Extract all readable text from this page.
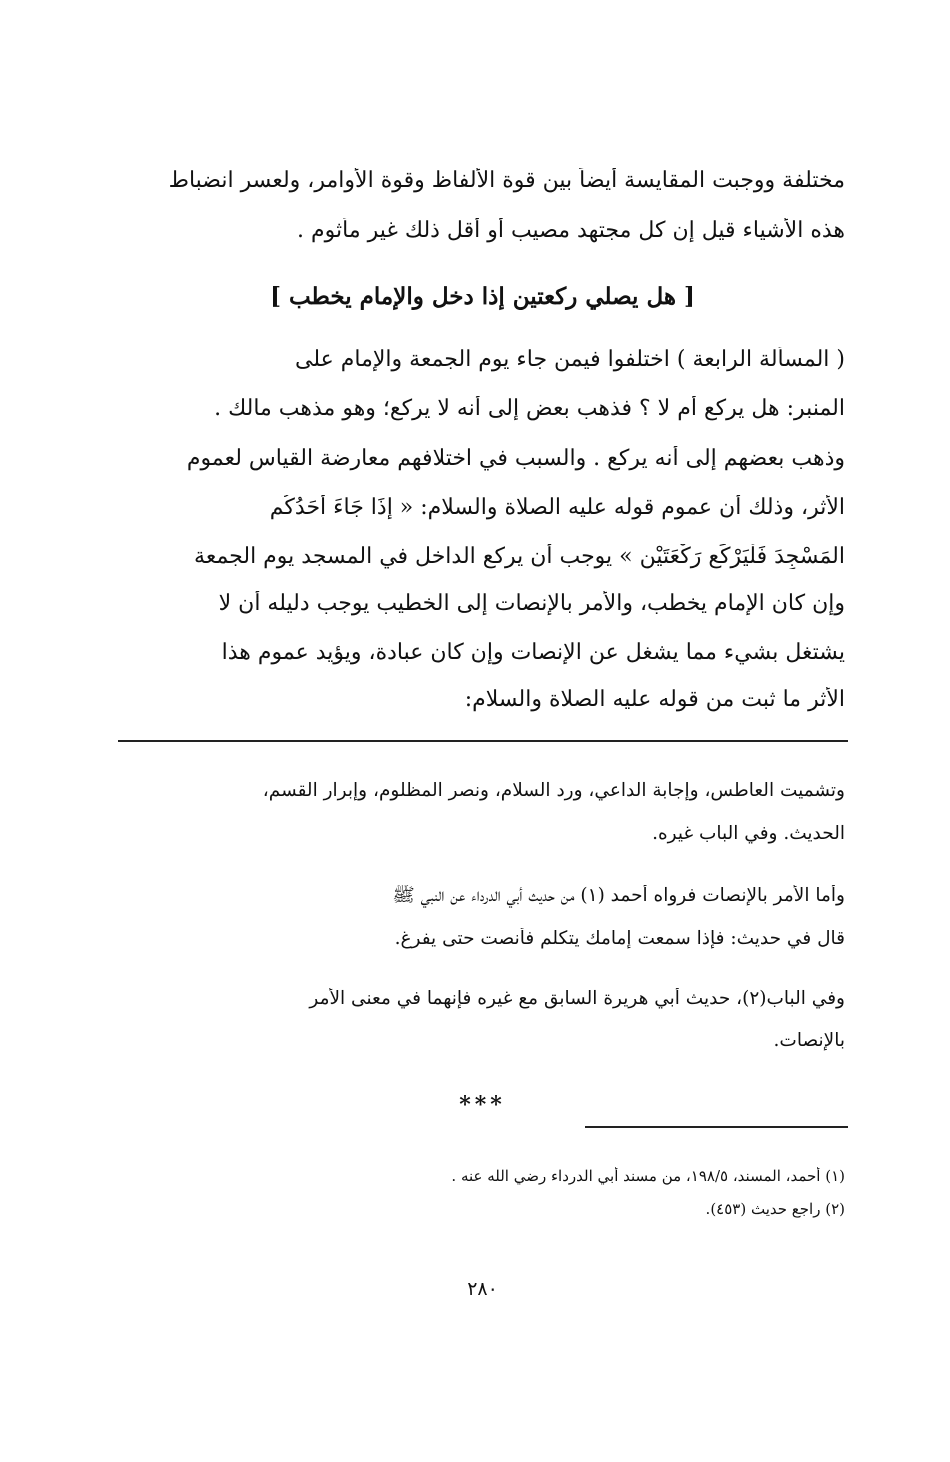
مختلفة ووجبت المقايسة أيضاً بين قوة الألفاظ وقوة الأوامر، ولعسر انضباط
هذه الأشياء قيل إن كل مجتهد مصيب أو أقل ذلك غير مأثوم .
[ هل يصلي ركعتين إذا دخل والإمام يخطب ]
( المسألة الرابعة ) اختلفوا فيمن جاء يوم الجمعة والإمام على
المنبر: هل يركع أم لا ؟ فذهب بعض إلى أنه لا يركع؛ وهو مذهب مالك .
وذهب بعضهم إلى أنه يركع . والسبب في اختلافهم معارضة القياس لعموم
الأثر، وذلك أن عموم قوله عليه الصلاة والسلام: « إِذَا جَاءَ أَحَدُكُم
المَسْجِدَ فَلْيَرْكَع رَكْعَتَيْنِ » يوجب أن يركع الداخل في المسجد يوم الجمعة
وإن كان الإمام يخطب، والأمر بالإنصات إلى الخطيب يوجب دليله أن لا
يشتغل بشيء مما يشغل عن الإنصات وإن كان عبادة، ويؤيد عموم هذا
الأثر ما ثبت من قوله عليه الصلاة والسلام:
وتشميت العاطس، وإجابة الداعي، ورد السلام، ونصر المظلوم، وإبرار القسم،
الحديث. وفي الباب غيره.
وأما الأمر بالإنصات فرواه أحمد (١) من حديث أبي الدرداء عن النبي ﷺ
قال في حديث: فإذا سمعت إمامك يتكلم فأنصت حتى يفرغ.
وفي الباب(٢)، حديث أبي هريرة السابق مع غيره فإنهما في معنى الأمر
بالإنصات.
***
(١) أحمد، المسند، ١٩٨/٥، من مسند أبي الدرداء رضي الله عنه .
(٢) راجع حديث (٤٥٣).
٢٨٠
